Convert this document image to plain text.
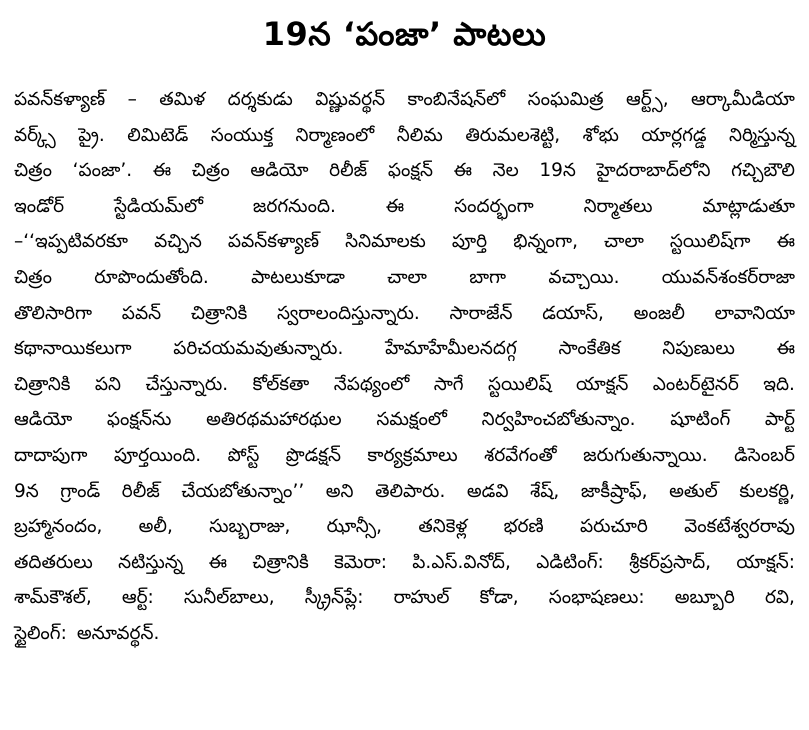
19న ‘పంజా’ పాటలు
పవన్‌కళ్యాణ్‌ – తమిళ దర్శకుడు విష్ణువర్థన్‌ కాంబినేషన్‌లో సంఘమిత్ర ఆర్ట్స్‌, ఆర్కామీడియా
వర్క్స్‌ ప్రై. లిమిటెడ్‌ సంయుక్త నిర్మాణంలో నీలిమ తిరుమలశెట్టి, శోభు యార్లగడ్డ నిర్మిస్తున్న
చిత్రం ‘పంజా’. ఈ చిత్రం ఆడియో రిలీజ్‌ ఫంక్షన్‌ ఈ నెల 19న హైదరాబాద్‌లోని గచ్చిబౌలి
ఇండోర్‌	స్టేడియమ్‌లో	జరగనుంది.	ఈ	సందర్భంగా	నిర్మాతలు	మాట్లాడుతూ
–‘‘ఇప్పటివరకూ వచ్చిన పవన్‌కళ్యాణ్‌ సినిమాలకు పూర్తి భిన్నంగా, చాలా స్టయిలిష్‌గా ఈ
చిత్రం రూపొందుతోంది. పాటలుకూడా చాలా బాగా వచ్చాయి. యువన్‌శంకర్‌రాజా
తొలిసారిగా పవన్‌ చిత్రానికి స్వరాలందిస్తున్నారు. సారాజేన్‌ డయాస్‌, అంజలీ లావానియా
కథానాయికలుగా పరిచయమవుతున్నారు. హేమాహేమీలనదగ్గ సాంకేతిక నిపుణులు ఈ
చిత్రానికి పని చేస్తున్నారు. కోల్‌కతా నేపథ్యంలో సాగే స్టయిలిష్‌ యాక్షన్‌ ఎంటర్‌టైనర్‌ ఇది.
ఆడియో ఫంక్షన్‌ను అతిరథమహారథుల సమక్షంలో నిర్వహించబోతున్నాం. షూటింగ్‌ పార్ట్‌
దాదాపుగా పూర్తయింది. పోస్ట్‌ ప్రొడక్షన్‌ కార్యక్రమాలు శరవేగంతో జరుగుతున్నాయి. డిసెంబర్‌
9న గ్రాండ్‌ రిలీజ్‌ చేయబోతున్నాం’’ అని తెలిపారు. అడవి శేష్‌, జాకీష్రాఫ్‌, అతుల్‌ కులకర్ణి,
బ్రహ్మానందం, అలీ, సుబ్బరాజు, ఝాన్సీ, తనికెళ్ల భరణి పరుచూరి వెంకటేశ్వరరావు
తదితరులు నటిస్తున్న ఈ చిత్రానికి కెమెరా: పి.ఎస్‌.వినోద్‌, ఎడిటింగ్‌: శ్రీకర్‌ప్రసాద్‌, యాక్షన్‌:
శామ్‌కౌశల్‌, ఆర్ట్‌: సునీల్‌బాలు, స్క్రీన్‌ప్లే: రాహుల్‌ కోడా, సంభాషణలు: అబ్బూరి రవి,
స్టైలింగ్‌: అనూవర్థన్‌.
